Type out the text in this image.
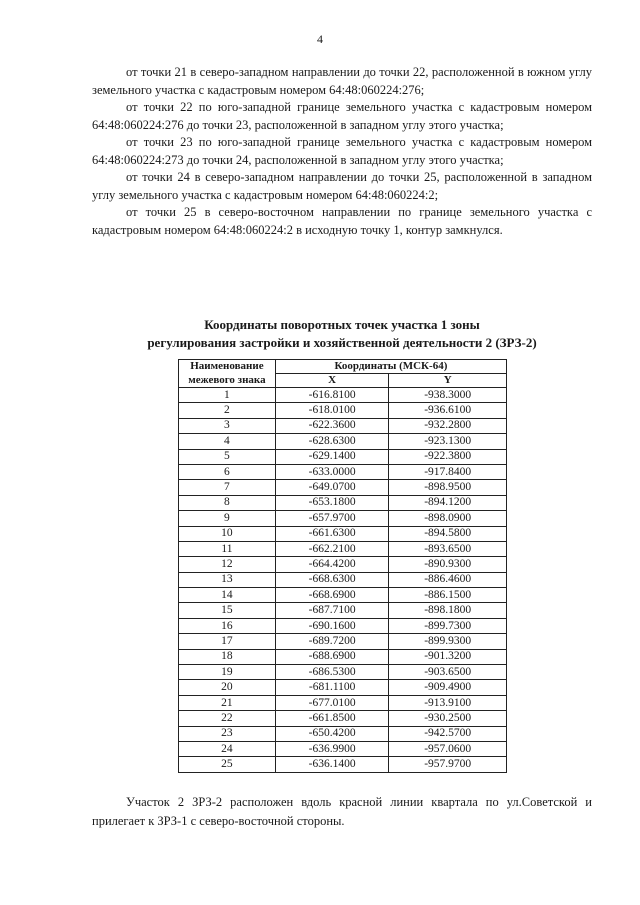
4

от точки 21 в северо-западном направлении до точки 22, расположенной в южном углу земельного участка с кадастровым номером 64:48:060224:276;

от точки 22 по юго-западной границе земельного участка с кадастровым номером 64:48:060224:276 до точки 23, расположенной в западном углу этого участка;

от точки 23 по юго-западной границе земельного участка с кадастровым номером 64:48:060224:273 до точки 24, расположенной в западном углу этого участка;

от точки 24 в северо-западном направлении до точки 25, расположенной в западном углу земельного участка с кадастровым номером 64:48:060224:2;

от точки 25 в северо-восточном направлении по границе земельного участка с кадастровым номером 64:48:060224:2 в исходную точку 1, контур замкнулся.

Координаты поворотных точек участка 1 зоны
регулирования застройки и хозяйственной деятельности 2 (ЗРЗ-2)
Наименование	Координаты (МСК-64)	
межевого знака	X	Y
1	-616.8100	-938.3000
2	-618.0100	-936.6100
3	-622.3600	-932.2800
4	-628.6300	-923.1300
5	-629.1400	-922.3800
6	-633.0000	-917.8400
7	-649.0700	-898.9500
8	-653.1800	-894.1200
9	-657.9700	-898.0900
10	-661.6300	-894.5800
11	-662.2100	-893.6500
12	-664.4200	-890.9300
13	-668.6300	-886.4600
14	-668.6900	-886.1500
15	-687.7100	-898.1800
16	-690.1600	-899.7300
17	-689.7200	-899.9300
18	-688.6900	-901.3200
19	-686.5300	-903.6500
20	-681.1100	-909.4900
21	-677.0100	-913.9100
22	-661.8500	-930.2500
23	-650.4200	-942.5700
24	-636.9900	-957.0600
25	-636.1400	-957.9700

Участок 2 ЗРЗ-2 расположен вдоль красной линии квартала по ул.Советской и прилегает к ЗРЗ-1 с северо-восточной стороны.
